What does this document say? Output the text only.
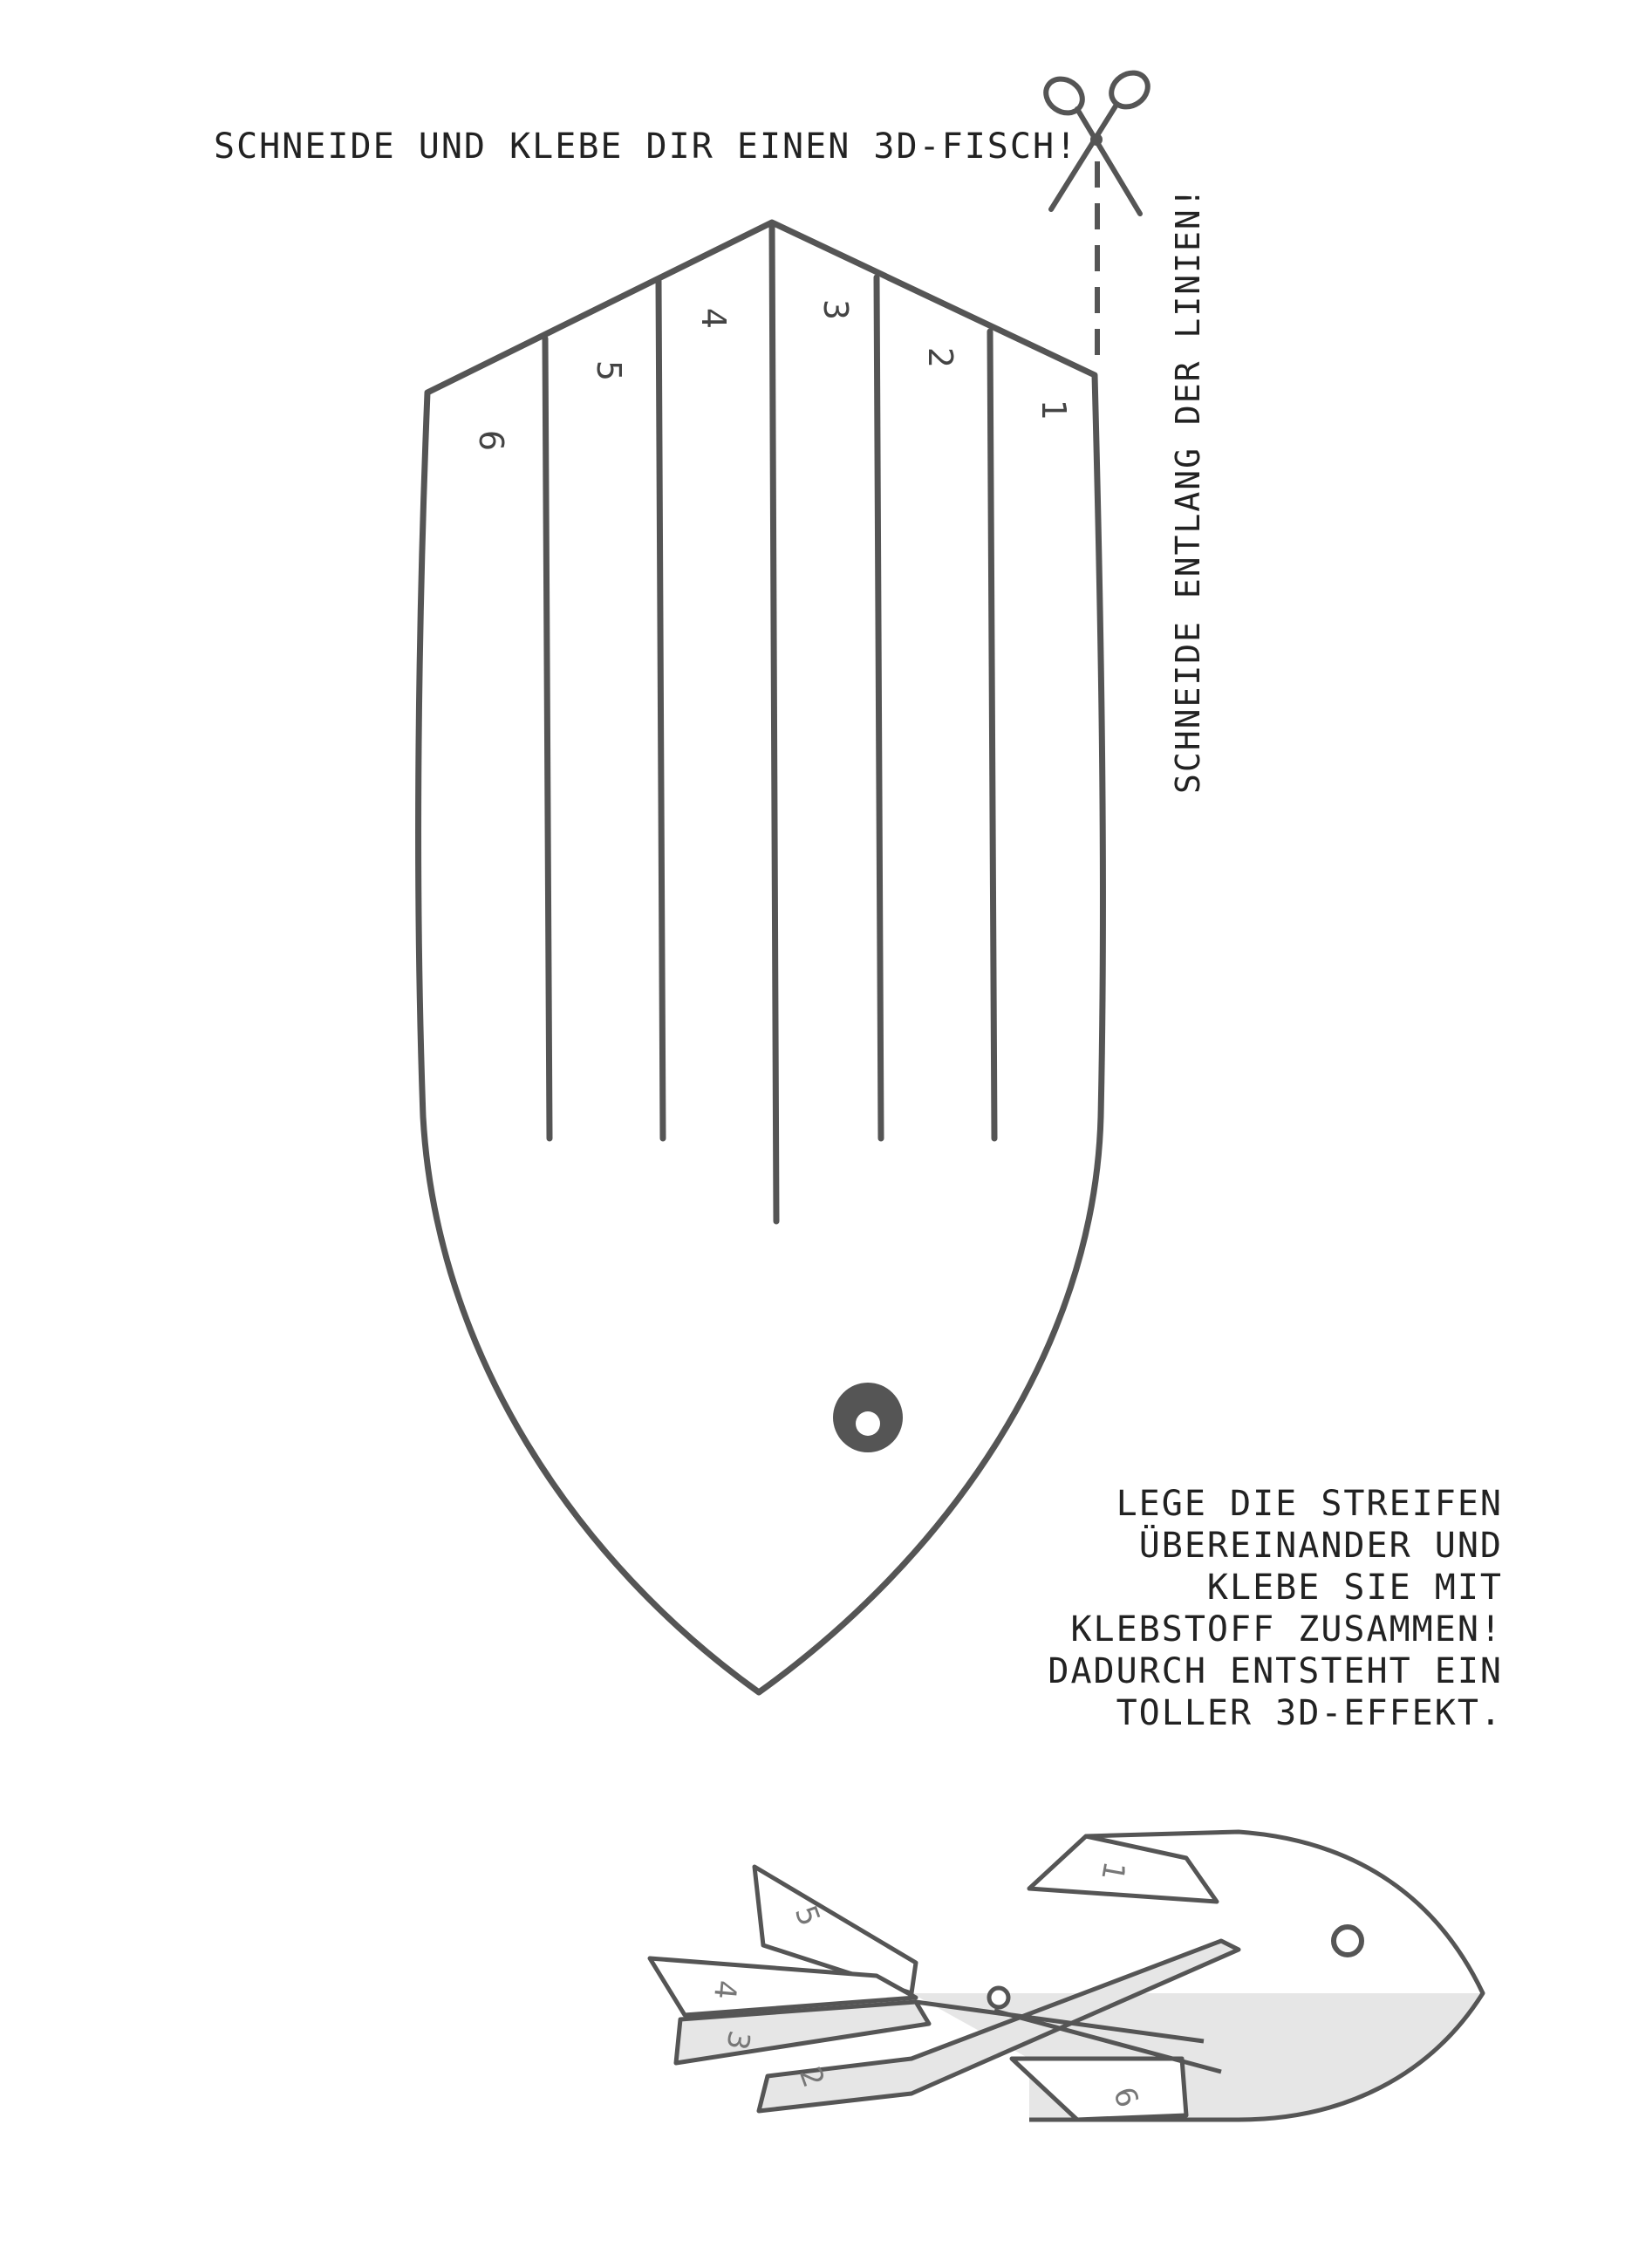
SCHNEIDE UND KLEBE DIR EINEN 3D-FISCH!
SCHNEIDE ENTLANG DER LINIEN!
LEGE DIE STREIFEN
ÜBEREINANDER UND
KLEBE SIE MIT
KLEBSTOFF ZUSAMMEN!
DADURCH ENTSTEHT EIN
TOLLER 3D-EFFEKT.
1
2
3
4
5
6
1
2
3
4
5
6
